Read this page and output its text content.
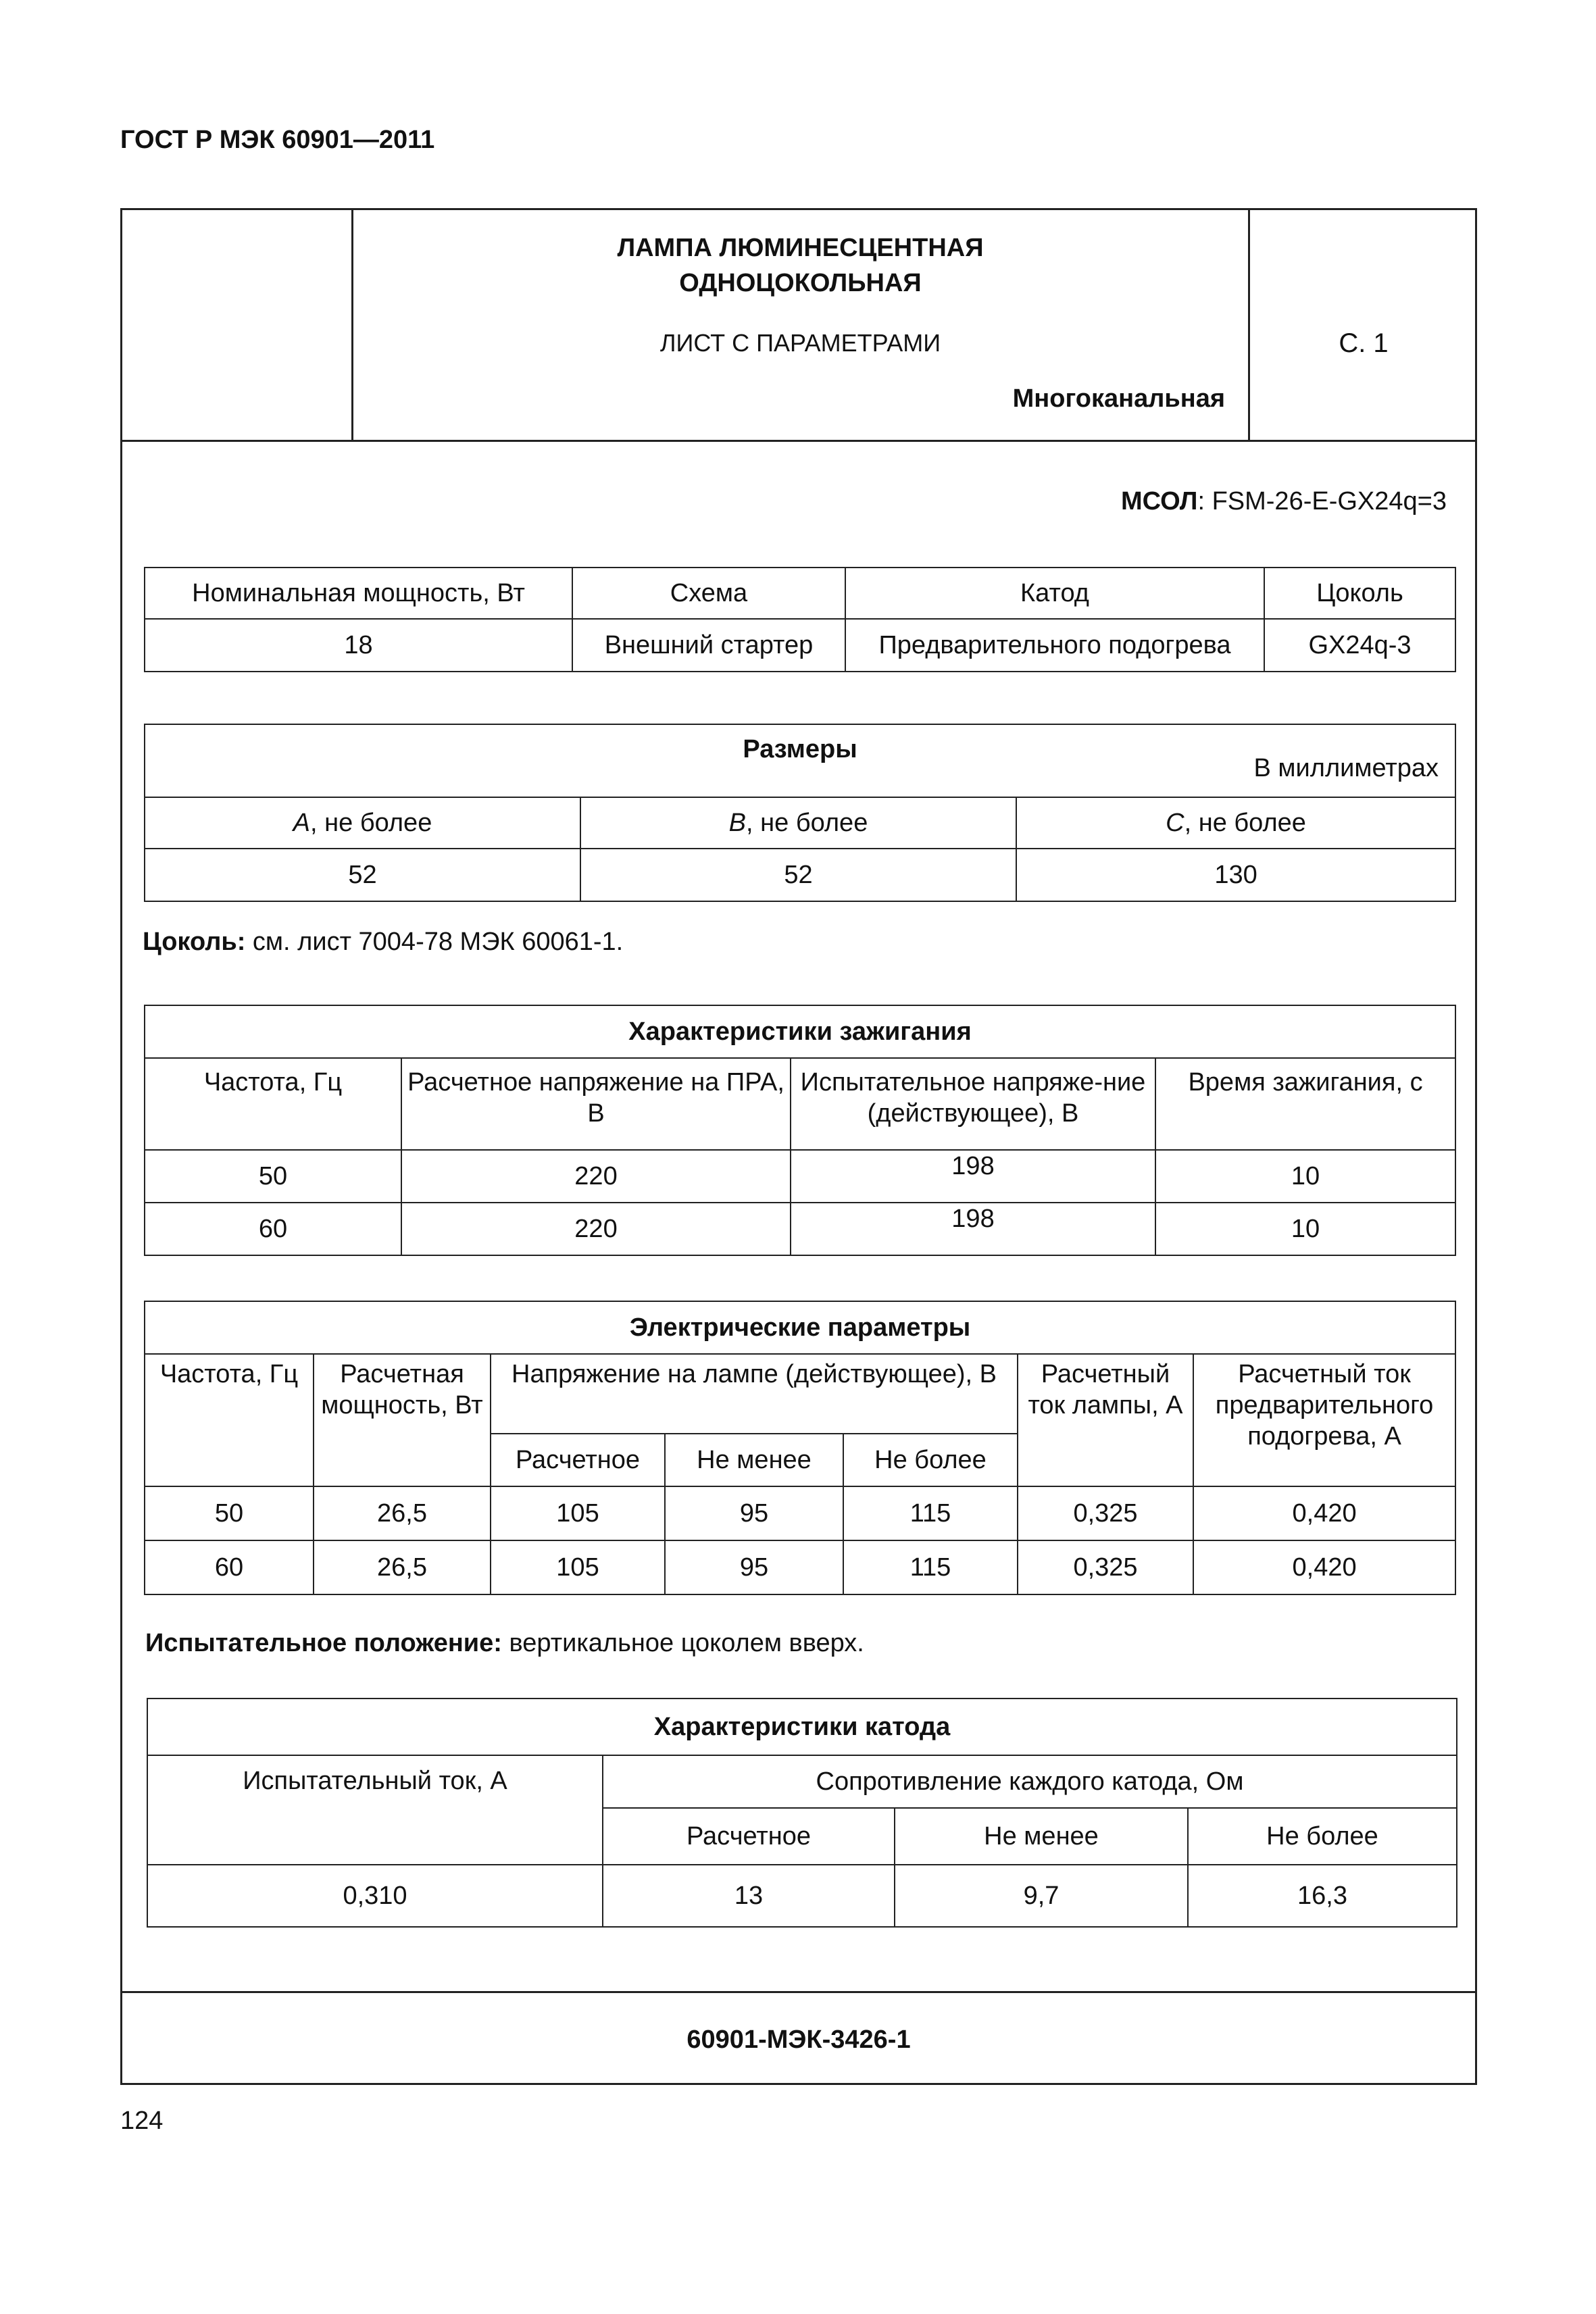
ГОСТ Р МЭК 60901—2011
ЛАМПА ЛЮМИНЕСЦЕНТНАЯ
ОДНОЦОКОЛЬНАЯ
ЛИСТ С ПАРАМЕТРАМИ
Многоканальная
С. 1
МСОЛ: FSM-26-E-GX24q=3
Номинальная мощность, Вт	Схема	Катод	Цоколь
18	Внешний стартер	Предварительного подогрева	GX24q-3
Размеры
В миллиметрах		

A, не более	B, не более	C, не более
52	52	130
Цоколь: см. лист 7004-78 МЭК 60061-1.
Характеристики зажигания			
Частота, Гц	Расчетное напряжение на ПРА, В	Испытательное напряже-ние (действующее), В	Время зажигания, с
50	220	198	10
60	220	198	10
Электрические параметры						
Частота, Гц	Расчетная мощность, Вт	Напряжение на лампе (действующее), В			Расчетный ток лампы, А	Расчетный ток предварительного подогрева, А
		Расчетное	Не менее	Не более		
50	26,5	105	95	115	0,325	0,420
60	26,5	105	95	115	0,325	0,420
Испытательное положение: вертикальное цоколем вверх.
Характеристики катода			
Испытательный ток, А	Сопротивление каждого катода, Ом		
	Расчетное	Не менее	Не более
0,310	13	9,7	16,3
60901-МЭК-3426-1
124
